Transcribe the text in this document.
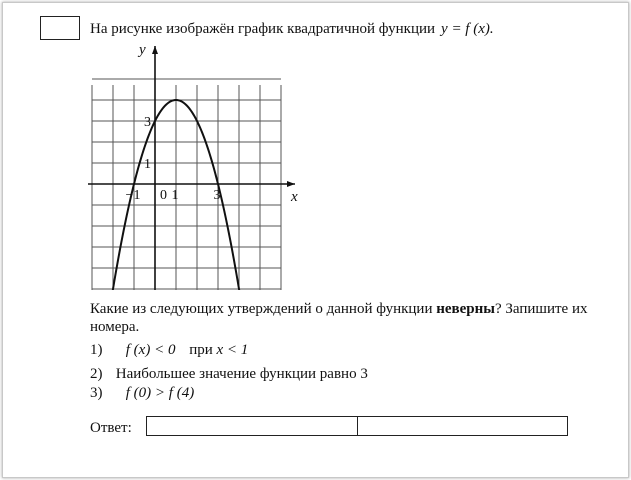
На рисунке изображён график квадратичной функции y = f (x).
−1 0 1	3
1
3
x
y
Какие из следующих утверждений о данной функции неверны? Запишите их номера.
1) f (x) < 0 при x < 1
2) Наибольшее значение функции равно 3
3) f (0) > f (4)
Ответ:
